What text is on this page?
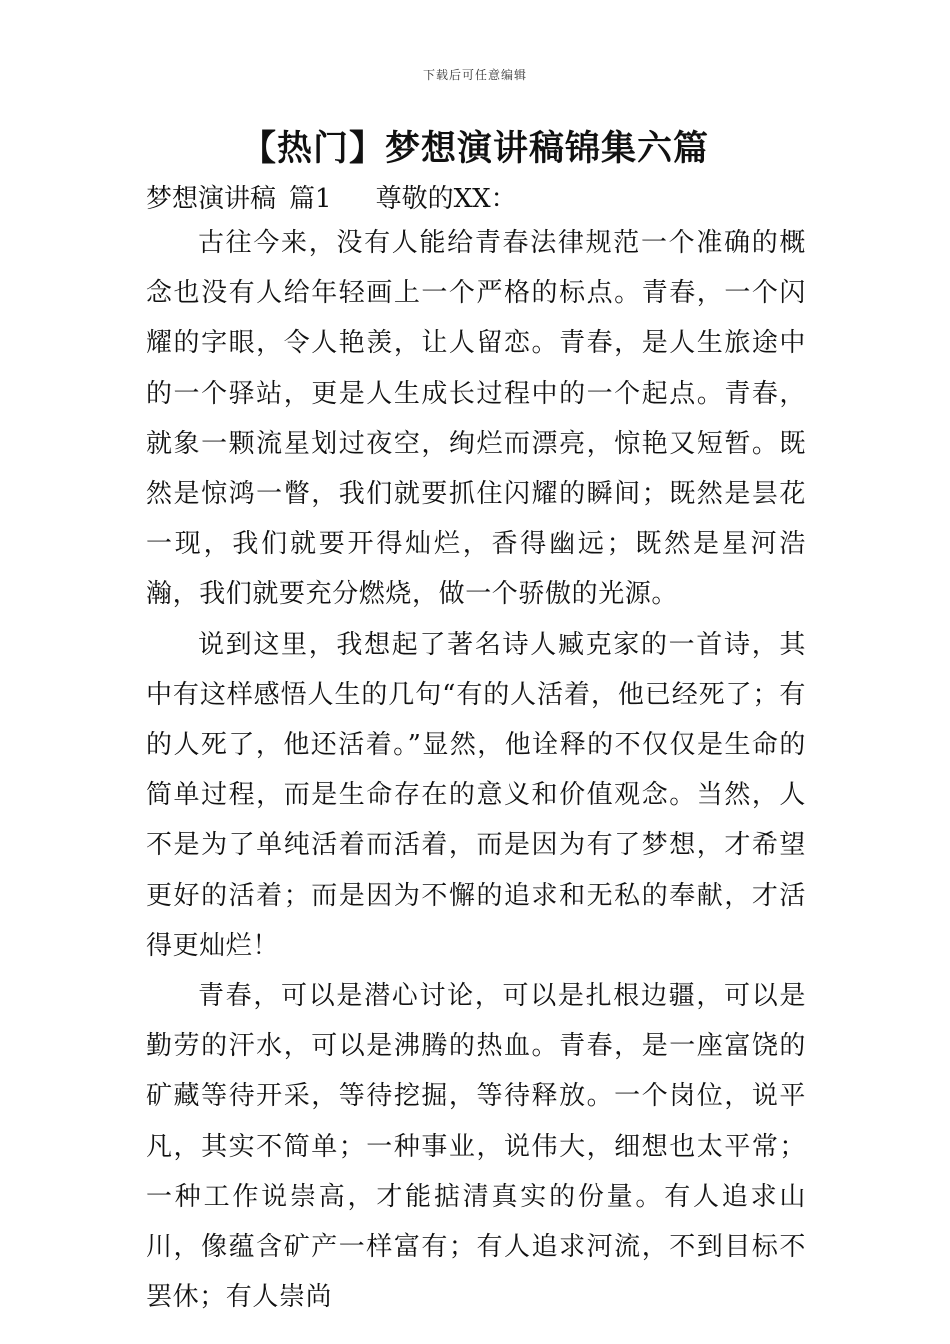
下载后可任意编辑
【热门】梦想演讲稿锦集六篇
梦想演讲稿 篇1 尊敬的XX：

古往今来，没有人能给青春法律规范一个准确的概念也没有人给年轻画上一个严格的标点。青春，一个闪耀的字眼，令人艳羡，让人留恋。青春，是人生旅途中的一个驿站，更是人生成长过程中的一个起点。青春，就象一颗流星划过夜空，绚烂而漂亮，惊艳又短暂。既然是惊鸿一瞥，我们就要抓住闪耀的瞬间；既然是昙花一现，我们就要开得灿烂，香得幽远；既然是星河浩瀚，我们就要充分燃烧，做一个骄傲的光源。

说到这里，我想起了著名诗人臧克家的一首诗，其中有这样感悟人生的几句“有的人活着，他已经死了；有的人死了，他还活着。”显然，他诠释的不仅仅是生命的简单过程，而是生命存在的意义和价值观念。当然，人不是为了单纯活着而活着，而是因为有了梦想，才希望更好的活着；而是因为不懈的追求和无私的奉献，才活得更灿烂！

青春，可以是潜心讨论，可以是扎根边疆，可以是勤劳的汗水，可以是沸腾的热血。青春，是一座富饶的矿藏等待开采，等待挖掘，等待释放。一个岗位，说平凡，其实不简单；一种事业，说伟大，细想也太平常；一种工作说崇高，才能掂清真实的份量。有人追求山川，像蕴含矿产一样富有；有人追求河流，不到目标不罢休；有人崇尚
